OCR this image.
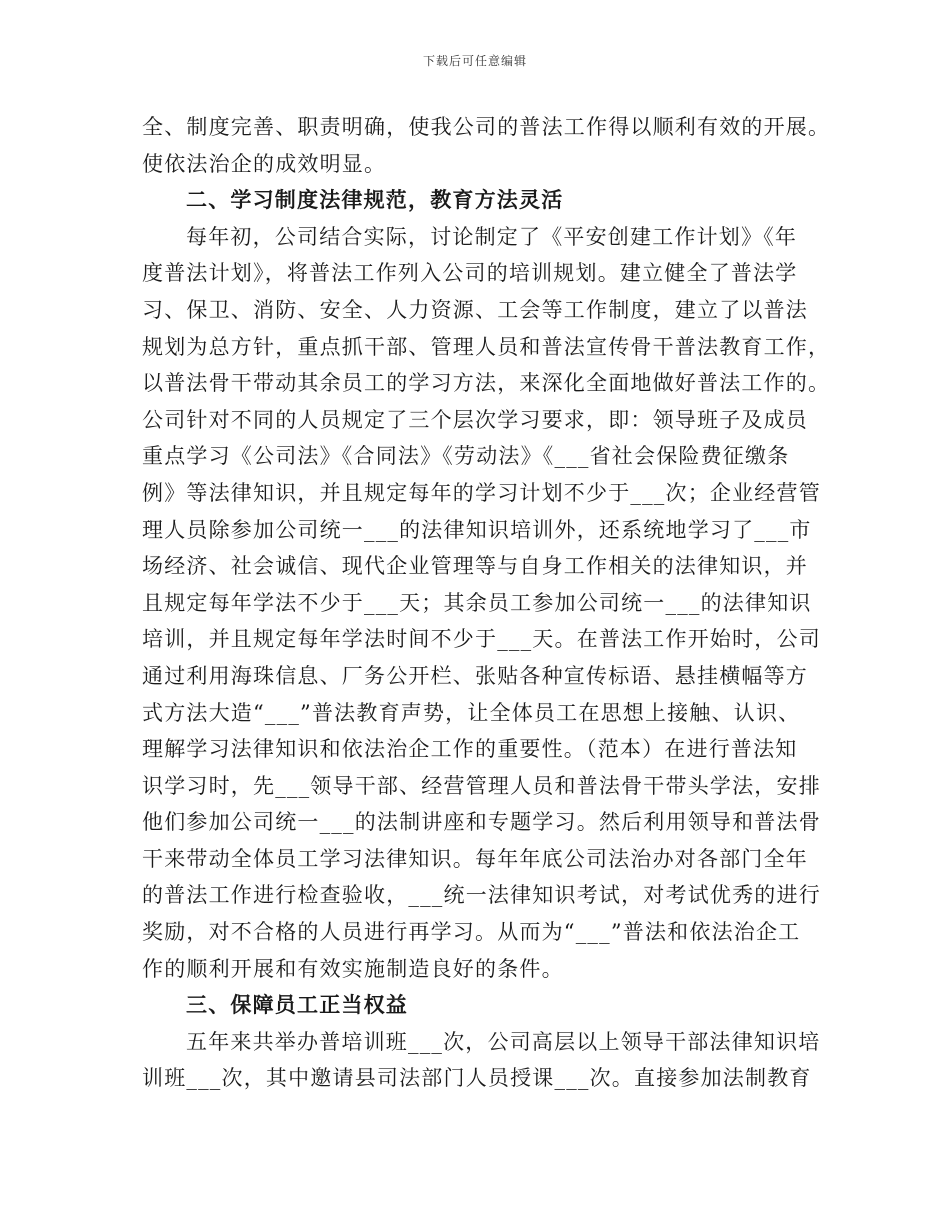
下载后可任意编辑
全、制度完善、职责明确，使我公司的普法工作得以顺利有效的开展。
使依法治企的成效明显。
二、学习制度法律规范，教育方法灵活
每年初，公司结合实际，讨论制定了《平安创建工作计划》《年
度普法计划》，将普法工作列入公司的培训规划。建立健全了普法学
习、保卫、消防、安全、人力资源、工会等工作制度，建立了以普法
规划为总方针，重点抓干部、管理人员和普法宣传骨干普法教育工作，
以普法骨干带动其余员工的学习方法，来深化全面地做好普法工作的。
公司针对不同的人员规定了三个层次学习要求，即：领导班子及成员
重点学习《公司法》《合同法》《劳动法》《___省社会保险费征缴条
例》等法律知识，并且规定每年的学习计划不少于___次；企业经营管
理人员除参加公司统一___的法律知识培训外，还系统地学习了___市
场经济、社会诚信、现代企业管理等与自身工作相关的法律知识，并
且规定每年学法不少于___天；其余员工参加公司统一___的法律知识
培训，并且规定每年学法时间不少于___天。在普法工作开始时，公司
通过利用海珠信息、厂务公开栏、张贴各种宣传标语、悬挂横幅等方
式方法大造“___”普法教育声势，让全体员工在思想上接触、认识、
理解学习法律知识和依法治企工作的重要性。（范本）在进行普法知
识学习时，先___领导干部、经营管理人员和普法骨干带头学法，安排
他们参加公司统一___的法制讲座和专题学习。然后利用领导和普法骨
干来带动全体员工学习法律知识。每年年底公司法治办对各部门全年
的普法工作进行检查验收，___统一法律知识考试，对考试优秀的进行
奖励，对不合格的人员进行再学习。从而为“___”普法和依法治企工
作的顺利开展和有效实施制造良好的条件。
三、保障员工正当权益
五年来共举办普培训班___次，公司高层以上领导干部法律知识培
训班___次，其中邀请县司法部门人员授课___次。直接参加法制教育
